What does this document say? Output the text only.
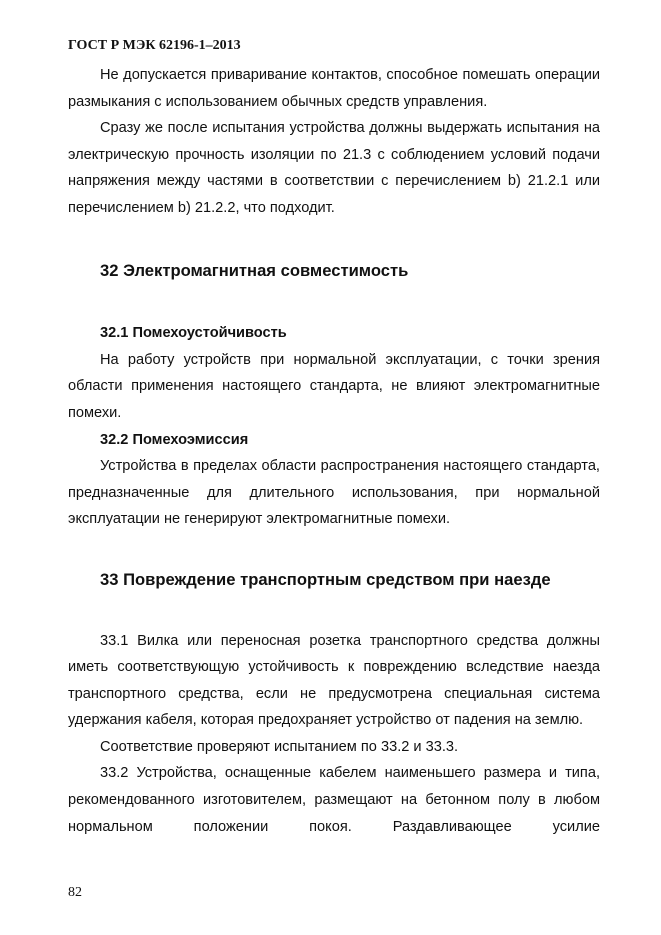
ГОСТ Р МЭК 62196-1–2013

Не допускается приваривание контактов, способное помешать операции размыкания с использованием обычных средств управления.

Сразу же после испытания устройства должны выдержать испытания на электрическую прочность изоляции по 21.3 с соблюдением условий подачи напряжения между частями в соответствии с перечислением b) 21.2.1 или перечислением b) 21.2.2, что подходит.

32 Электромагнитная совместимость
32.1 Помехоустойчивость

На работу устройств при нормальной эксплуатации, с точки зрения области применения настоящего стандарта, не влияют электромагнитные помехи.

32.2 Помехоэмиссия

Устройства в пределах области распространения настоящего стандарта, предназначенные для длительного использования, при нормальной эксплуатации не генерируют электромагнитные помехи.

33 Повреждение транспортным средством при наезде

33.1 Вилка или переносная розетка транспортного средства должны иметь соответствующую устойчивость к повреждению вследствие наезда транспортного средства, если не предусмотрена специальная система удержания кабеля, которая предохраняет устройство от падения на землю.

Соответствие проверяют испытанием по 33.2 и 33.3.

33.2 Устройства, оснащенные кабелем наименьшего размера и типа, рекомендованного изготовителем, размещают на бетонном полу в любом нормальном положении покоя. Раздавливающее усилие

82
